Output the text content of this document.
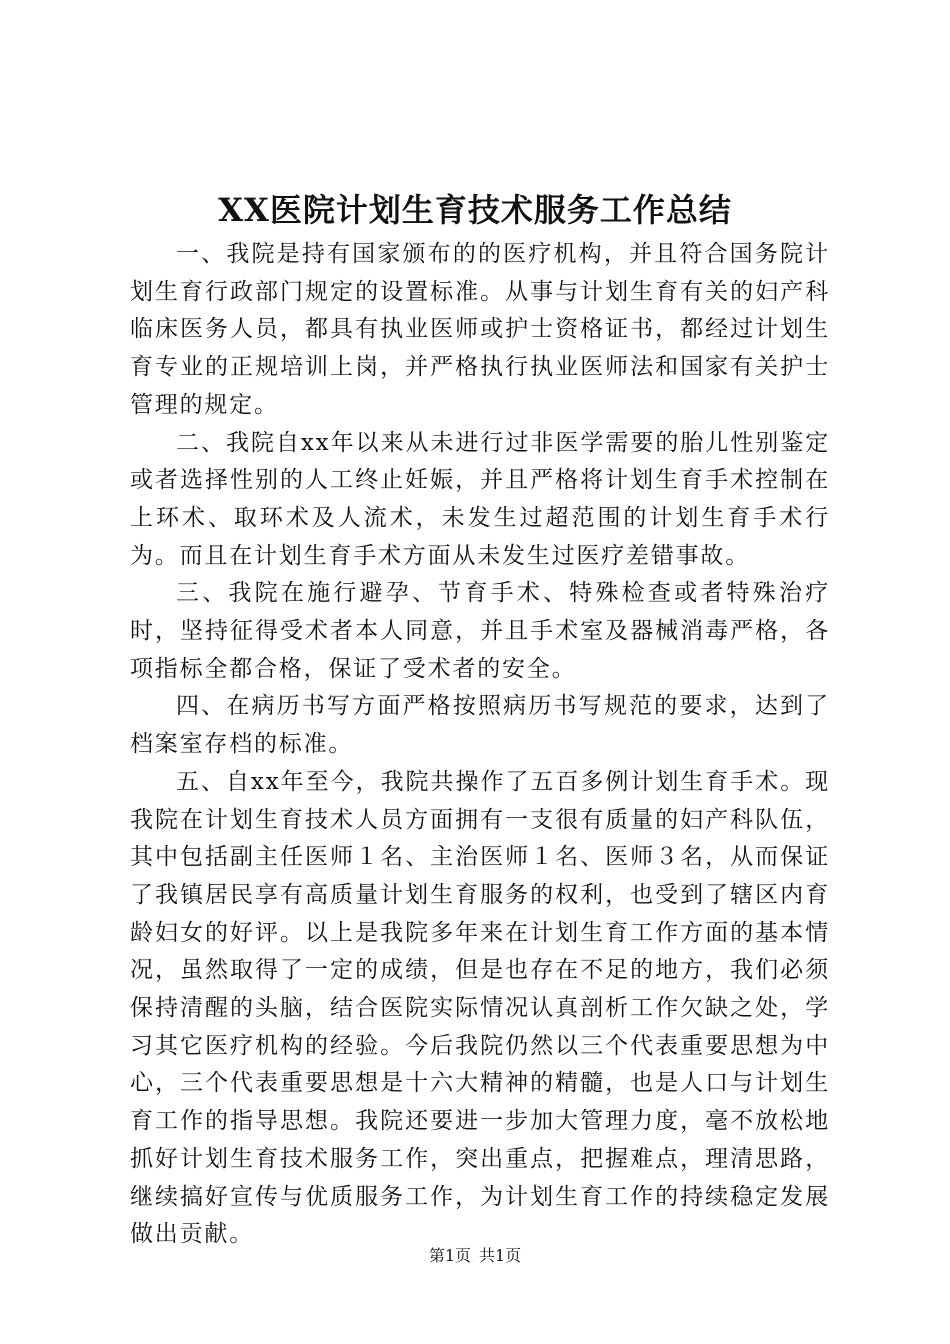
XX医院计划生育技术服务工作总结

一、我院是持有国家颁布的的医疗机构，并且符合国务院计划生育行政部门规定的设置标准。从事与计划生育有关的妇产科临床医务人员，都具有执业医师或护士资格证书，都经过计划生育专业的正规培训上岗，并严格执行执业医师法和国家有关护士管理的规定。

二、我院自xx年以来从未进行过非医学需要的胎儿性别鉴定或者选择性别的人工终止妊娠，并且严格将计划生育手术控制在上环术、取环术及人流术，未发生过超范围的计划生育手术行为。而且在计划生育手术方面从未发生过医疗差错事故。

三、我院在施行避孕、节育手术、特殊检查或者特殊治疗时，坚持征得受术者本人同意，并且手术室及器械消毒严格，各项指标全都合格，保证了受术者的安全。

四、在病历书写方面严格按照病历书写规范的要求，达到了档案室存档的标准。

五、自xx年至今，我院共操作了五百多例计划生育手术。现我院在计划生育技术人员方面拥有一支很有质量的妇产科队伍，其中包括副主任医师１名、主治医师１名、医师３名，从而保证了我镇居民享有高质量计划生育服务的权利，也受到了辖区内育龄妇女的好评。以上是我院多年来在计划生育工作方面的基本情况，虽然取得了一定的成绩，但是也存在不足的地方，我们必须保持清醒的头脑，结合医院实际情况认真剖析工作欠缺之处，学习其它医疗机构的经验。今后我院仍然以三个代表重要思想为中心，三个代表重要思想是十六大精神的精髓，也是人口与计划生育工作的指导思想。我院还要进一步加大管理力度，毫不放松地抓好计划生育技术服务工作，突出重点，把握难点，理清思路，继续搞好宣传与优质服务工作，为计划生育工作的持续稳定发展做出贡献。

第1页 共1页
